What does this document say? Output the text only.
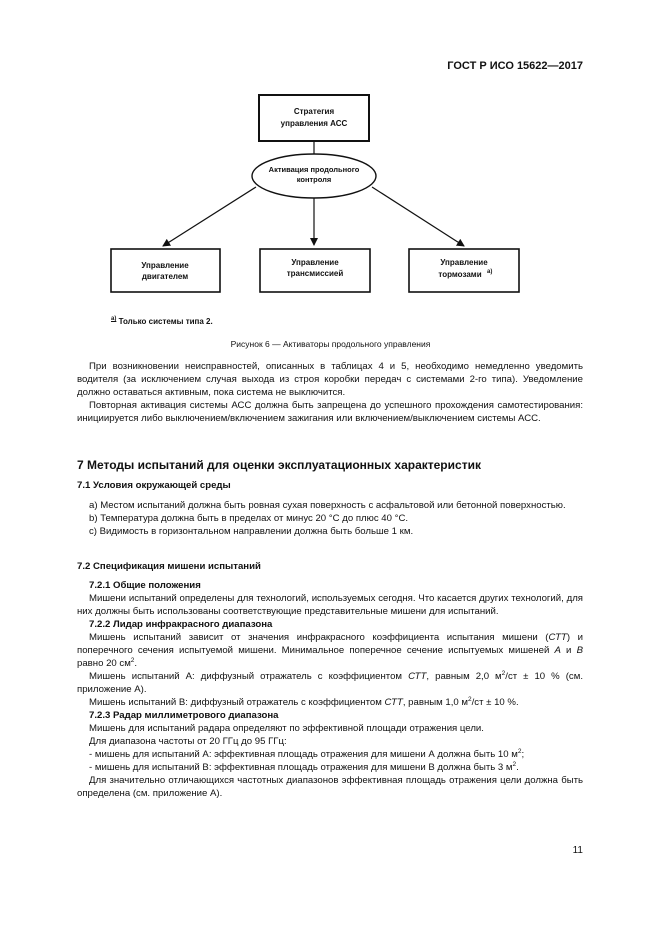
ГОСТ Р ИСО 15622—2017
Стратегия
управления АСС
Активация продольного
контроля
Управление
двигателем
Управление
трансмиссией
Управление
тормозами a)
$^{a)}$ Только системы типа 2.
Рисунок 6 — Активаторы продольного управления

При возникновении неисправностей, описанных в таблицах 4 и 5, необходимо немедленно уведомить водителя (за исключением случая выхода из строя коробки передач с системами 2-го типа). Уведомление должно оставаться активным, пока система не выключится.

Повторная активация системы АСС должна быть запрещена до успешного прохождения самотестирования: инициируется либо выключением/включением зажигания или включением/выключением системы АСС.

7 Методы испытаний для оценки эксплуатационных характеристик
7.1 Условия окружающей среды

a) Местом испытаний должна быть ровная сухая поверхность с асфальтовой или бетонной поверхностью.

b) Температура должна быть в пределах от минус 20 °С до плюс 40 °С.

c) Видимость в горизонтальном направлении должна быть больше 1 км.

7.2 Спецификация мишени испытаний

7.2.1 Общие положения

Мишени испытаний определены для технологий, используемых сегодня. Что касается других технологий, для них должны быть использованы соответствующие представительные мишени для испытаний.

7.2.2 Лидар инфракрасного диапазона

Мишень испытаний зависит от значения инфракрасного коэффициента испытания мишени (СТТ) и поперечного сечения испытуемой мишени. Минимальное поперечное сечение испытуемых мишеней А и В равно 20 $см^2$.

Мишень испытаний А: диффузный отражатель с коэффициентом СТТ, равным 2,0 $м^2/ст \pm 10$ % (см. приложение А).

Мишень испытаний В: диффузный отражатель с коэффициентом СТТ, равным 1,0 $м^2/ст \pm 10$ %.

7.2.3 Радар миллиметрового диапазона

Мишень для испытаний радара определяют по эффективной площади отражения цели.

Для диапазона частоты от 20 ГГц до 95 ГГц:

- мишень для испытаний А: эффективная площадь отражения для мишени А должна быть 10 $м^2$;

- мишень для испытаний В: эффективная площадь отражения для мишени В должна быть 3 $м^2$.

Для значительно отличающихся частотных диапазонов эффективная площадь отражения цели должна быть определена (см. приложение А).

11
